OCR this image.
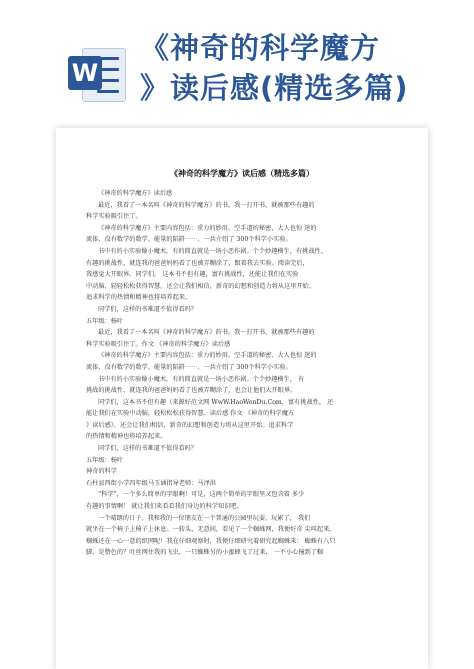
W
《神奇的科学魔方
》读后感(精选多篇)
《神奇的科学魔方》读后感（精选多篇）

《神奇的科学魔方》读后感

最近，我看了一本名叫《神奇的科学魔方》的书。我一打开书，就被那些有趣的

科学实验吸引住了。

《神奇的科学魔方》主要内容包括：重力的妙用、空手道的秘密、大人也惊 迷的

流体、没有数学的数学、能量的陷阱⋯⋯。一共介绍了 300个科学小实验。

书中有的小实验像小魔术，有的简直就是一场小恶作剧。个个妙趣横生，有挑战性、

有趣的挑战性，就连我的爸爸妈妈看了也被弄糊涂了，跟着我去实验。阅读完后，

我感觉大开眼界。同学们， 这本书不但有趣，富有挑战性，还能让我们在实验

中动脑，轻轻松松获得智慧。还会让我们相信，新奇的幻想和创造力将从这里开始。

追求科学的热情和精神也将培养起来。

同学们，这样的书难道不值得看吗？

五年级：杨叶

最近，我看了一本名叫《神奇的科学魔方》的书。我一打开书，就被那些有趣的

科学实验吸引住了。作文 《神奇的科学魔方》读后感

《神奇的科学魔方》主要内容包括：重力的妙用、空手道的秘密、大人也惊 迷的

流体、没有数学的数学、能量的陷阱⋯⋯。一共介绍了 300个科学小实验。

书中有的小实验像小魔术，有的简直就是一场小恶作剧。个个妙趣横生， 有

挑战的挑战性，就连我的爸爸妈妈看了也被弄糊涂了，也会让他们大开眼界。

同学们，这本书不但有趣（来源好范文网 WwW.HaoWenDu.Com，富有挑战性， 还

能让我们在实验中动脑，轻松松松获得智慧。读后感 作文 《神奇的科学魔方

》读后感》，还会让我们相信，新奇的幻想和创造力将从这里开始。追求科学

的热情和精神也将培养起来。

同学们，这样的书难道不值得看吗？

五年级：杨叶

神奇的科学

石柱县西街小学四年级马玉涵指导老师：马泽洪

“科学”，一个多么简单的字眼啊！可是，这两个简单的字眼里又包含着 多少

有趣的事情啊！ 就让我们来看看我们身边的科学知识吧。

一个晴朗的日子，我和我的一位朋友在一个普通的公园里玩耍，玩累了， 我们

就坐在一个椅子上椅子上休息。一转头，无意间，看见了一个蜘蛛网，我便好奇 尖叫起来。

蜘蛛还在一心一意的织网呢！我在仔细观察时，我便仔细研究着研究起蜘蛛来： 蜘蛛有八只

脚，是赞色的？吐丝网住我的飞虫，一只蜘蛛另的小蜜蜂飞了过来， 一不小心撞到了蜘
